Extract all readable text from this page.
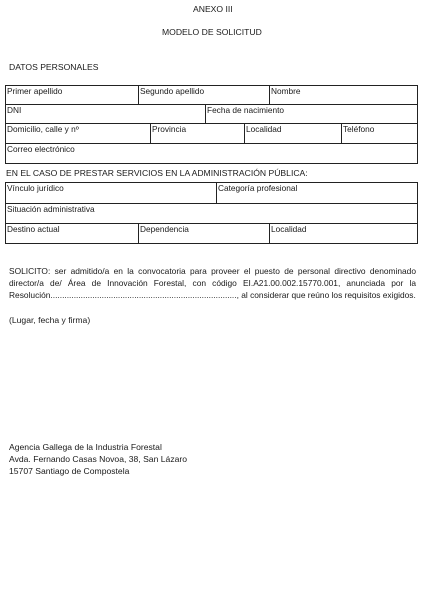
ANEXO III
MODELO DE SOLICITUD
DATOS PERSONALES
Primer apellido	Segundo apellido	Nombre
DNI	Fecha de nacimiento
Domicilio, calle y nº	Provincia	Localidad	Teléfono
Correo electrónico
EN EL CASO DE PRESTAR SERVICIOS EN LA ADMINISTRACIÓN PÚBLICA:
Vínculo jurídico	Categoría profesional
Situación administrativa
Destino actual	Dependencia	Localidad
SOLICITO: ser admitido/a en la convocatoria para proveer el puesto de personal directivo denominado
director/a de/ Área de Innovación Forestal, con código EI.A21.00.002.15770.001, anunciada por la
Resolución................................................................................, al considerar que reúno los requisitos exigidos.
(Lugar, fecha y firma)
Agencia Gallega de la Industria Forestal
Avda. Fernando Casas Novoa, 38, San Lázaro
15707 Santiago de Compostela
